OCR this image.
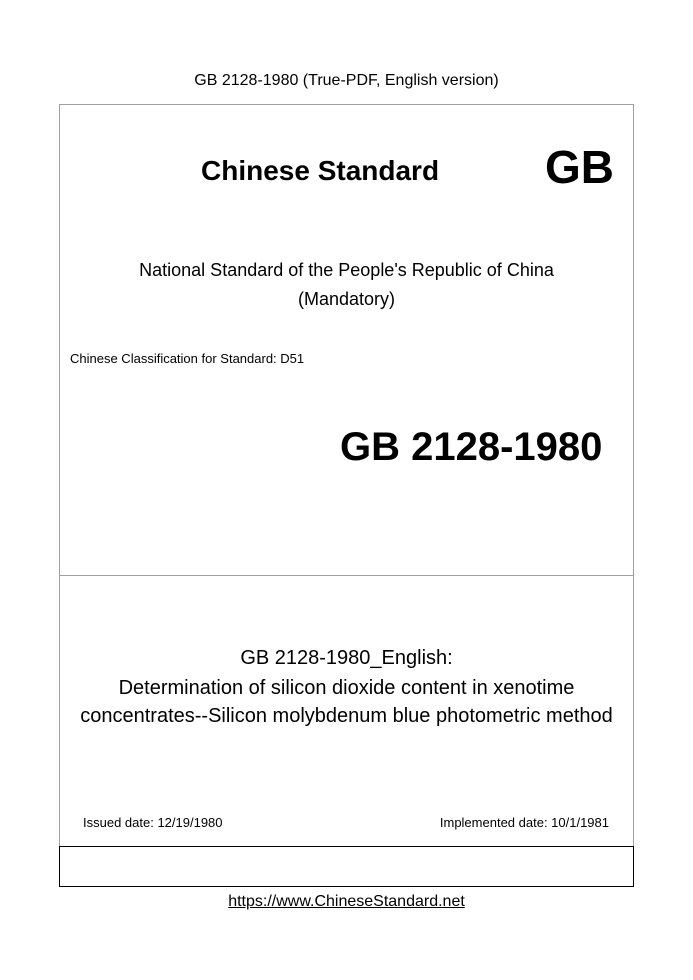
GB 2128-1980 (True-PDF, English version)
Chinese Standard GB
National Standard of the People's Republic of China
(Mandatory)
Chinese Classification for Standard: D51
GB 2128-1980
GB 2128-1980_English:
Determination of silicon dioxide content in xenotime
concentrates--Silicon molybdenum blue photometric method
Issued date: 12/19/1980	Implemented date: 10/1/1981
https://www.ChineseStandard.net
